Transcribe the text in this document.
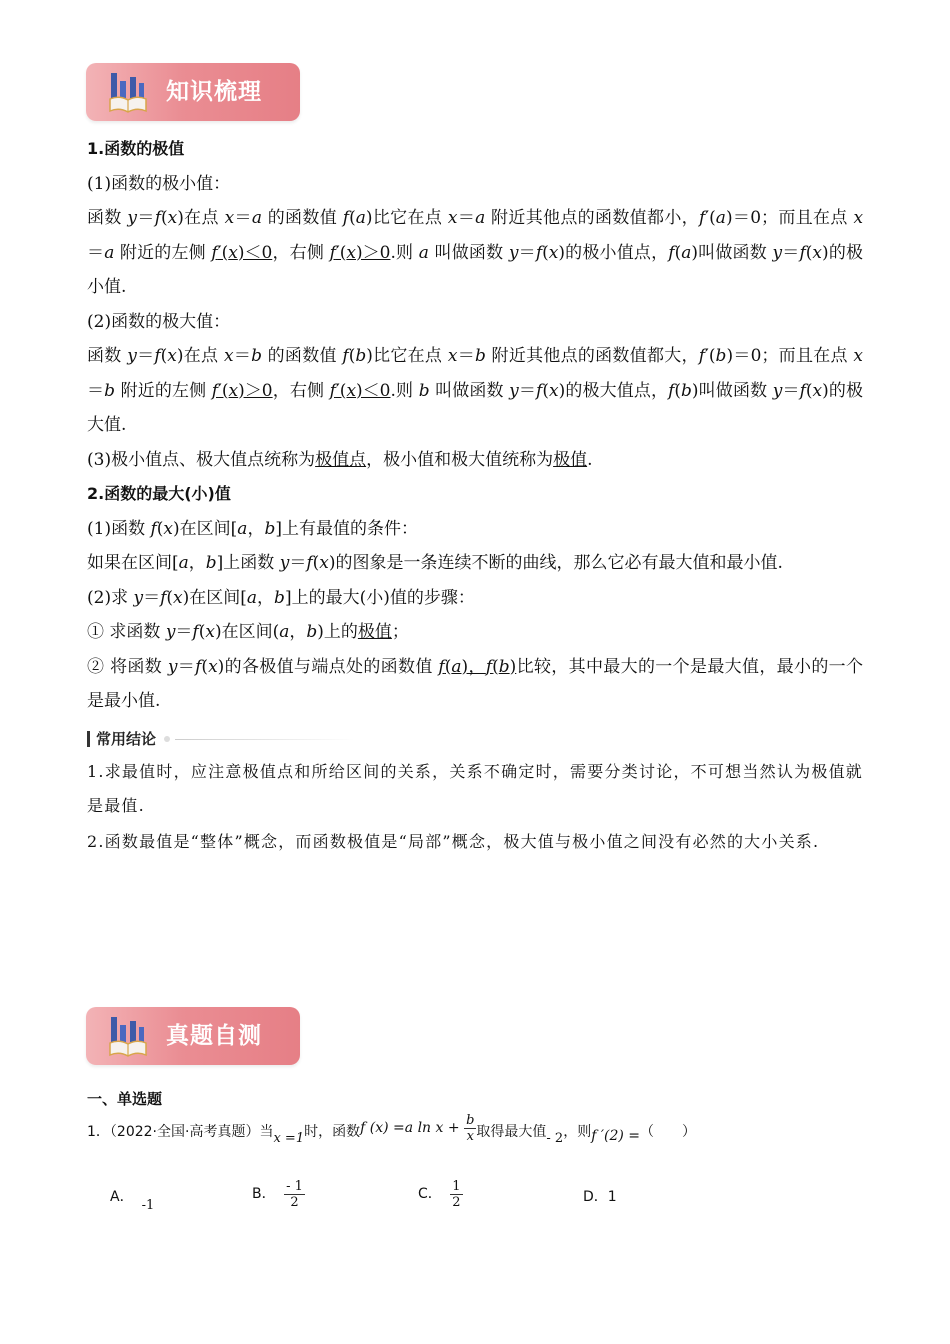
知识梳理

1.函数的极值

(1)函数的极小值：

函数 y＝f(x)在点 x＝a 的函数值 f(a)比它在点 x＝a 附近其他点的函数值都小，f′(a)＝0；而且在点 x＝a 附近的左侧 f′(x)＜0，右侧 f′(x)＞0.则 a 叫做函数 y＝f(x)的极小值点，f(a)叫做函数 y＝f(x)的极小值.

(2)函数的极大值：

函数 y＝f(x)在点 x＝b 的函数值 f(b)比它在点 x＝b 附近其他点的函数值都大，f′(b)＝0；而且在点 x＝b 附近的左侧 f′(x)＞0，右侧 f′(x)＜0.则 b 叫做函数 y＝f(x)的极大值点，f(b)叫做函数 y＝f(x)的极大值.

(3)极小值点、极大值点统称为极值点，极小值和极大值统称为极值.

2.函数的最大(小)值

(1)函数 f(x)在区间[a，b]上有最值的条件：

如果在区间[a，b]上函数 y＝f(x)的图象是一条连续不断的曲线，那么它必有最大值和最小值.

(2)求 y＝f(x)在区间[a，b]上的最大(小)值的步骤：

① 求函数 y＝f(x)在区间(a，b)上的极值；

② 将函数 y＝f(x)的各极值与端点处的函数值 f(a)，f(b)比较，其中最大的一个是最大值，最小的一个是最小值.

常用结论

1.求最值时，应注意极值点和所给区间的关系，关系不确定时，需要分类讨论，不可想当然认为极值就是最值.

2.函数最值是“整体”概念，而函数极值是“局部”概念，极大值与极小值之间没有必然的大小关系.

真题自测
一、单选题
1．（2022·全国·高考真题）当x =1时，函数f (x) =a $\ln x + \frac{b}{x}$ 取得最大值- 2，则f ′(2) =（　　）
A．-1
B． $\frac{- 1}{2}$	C． $\frac{1}{2}$	D．1
